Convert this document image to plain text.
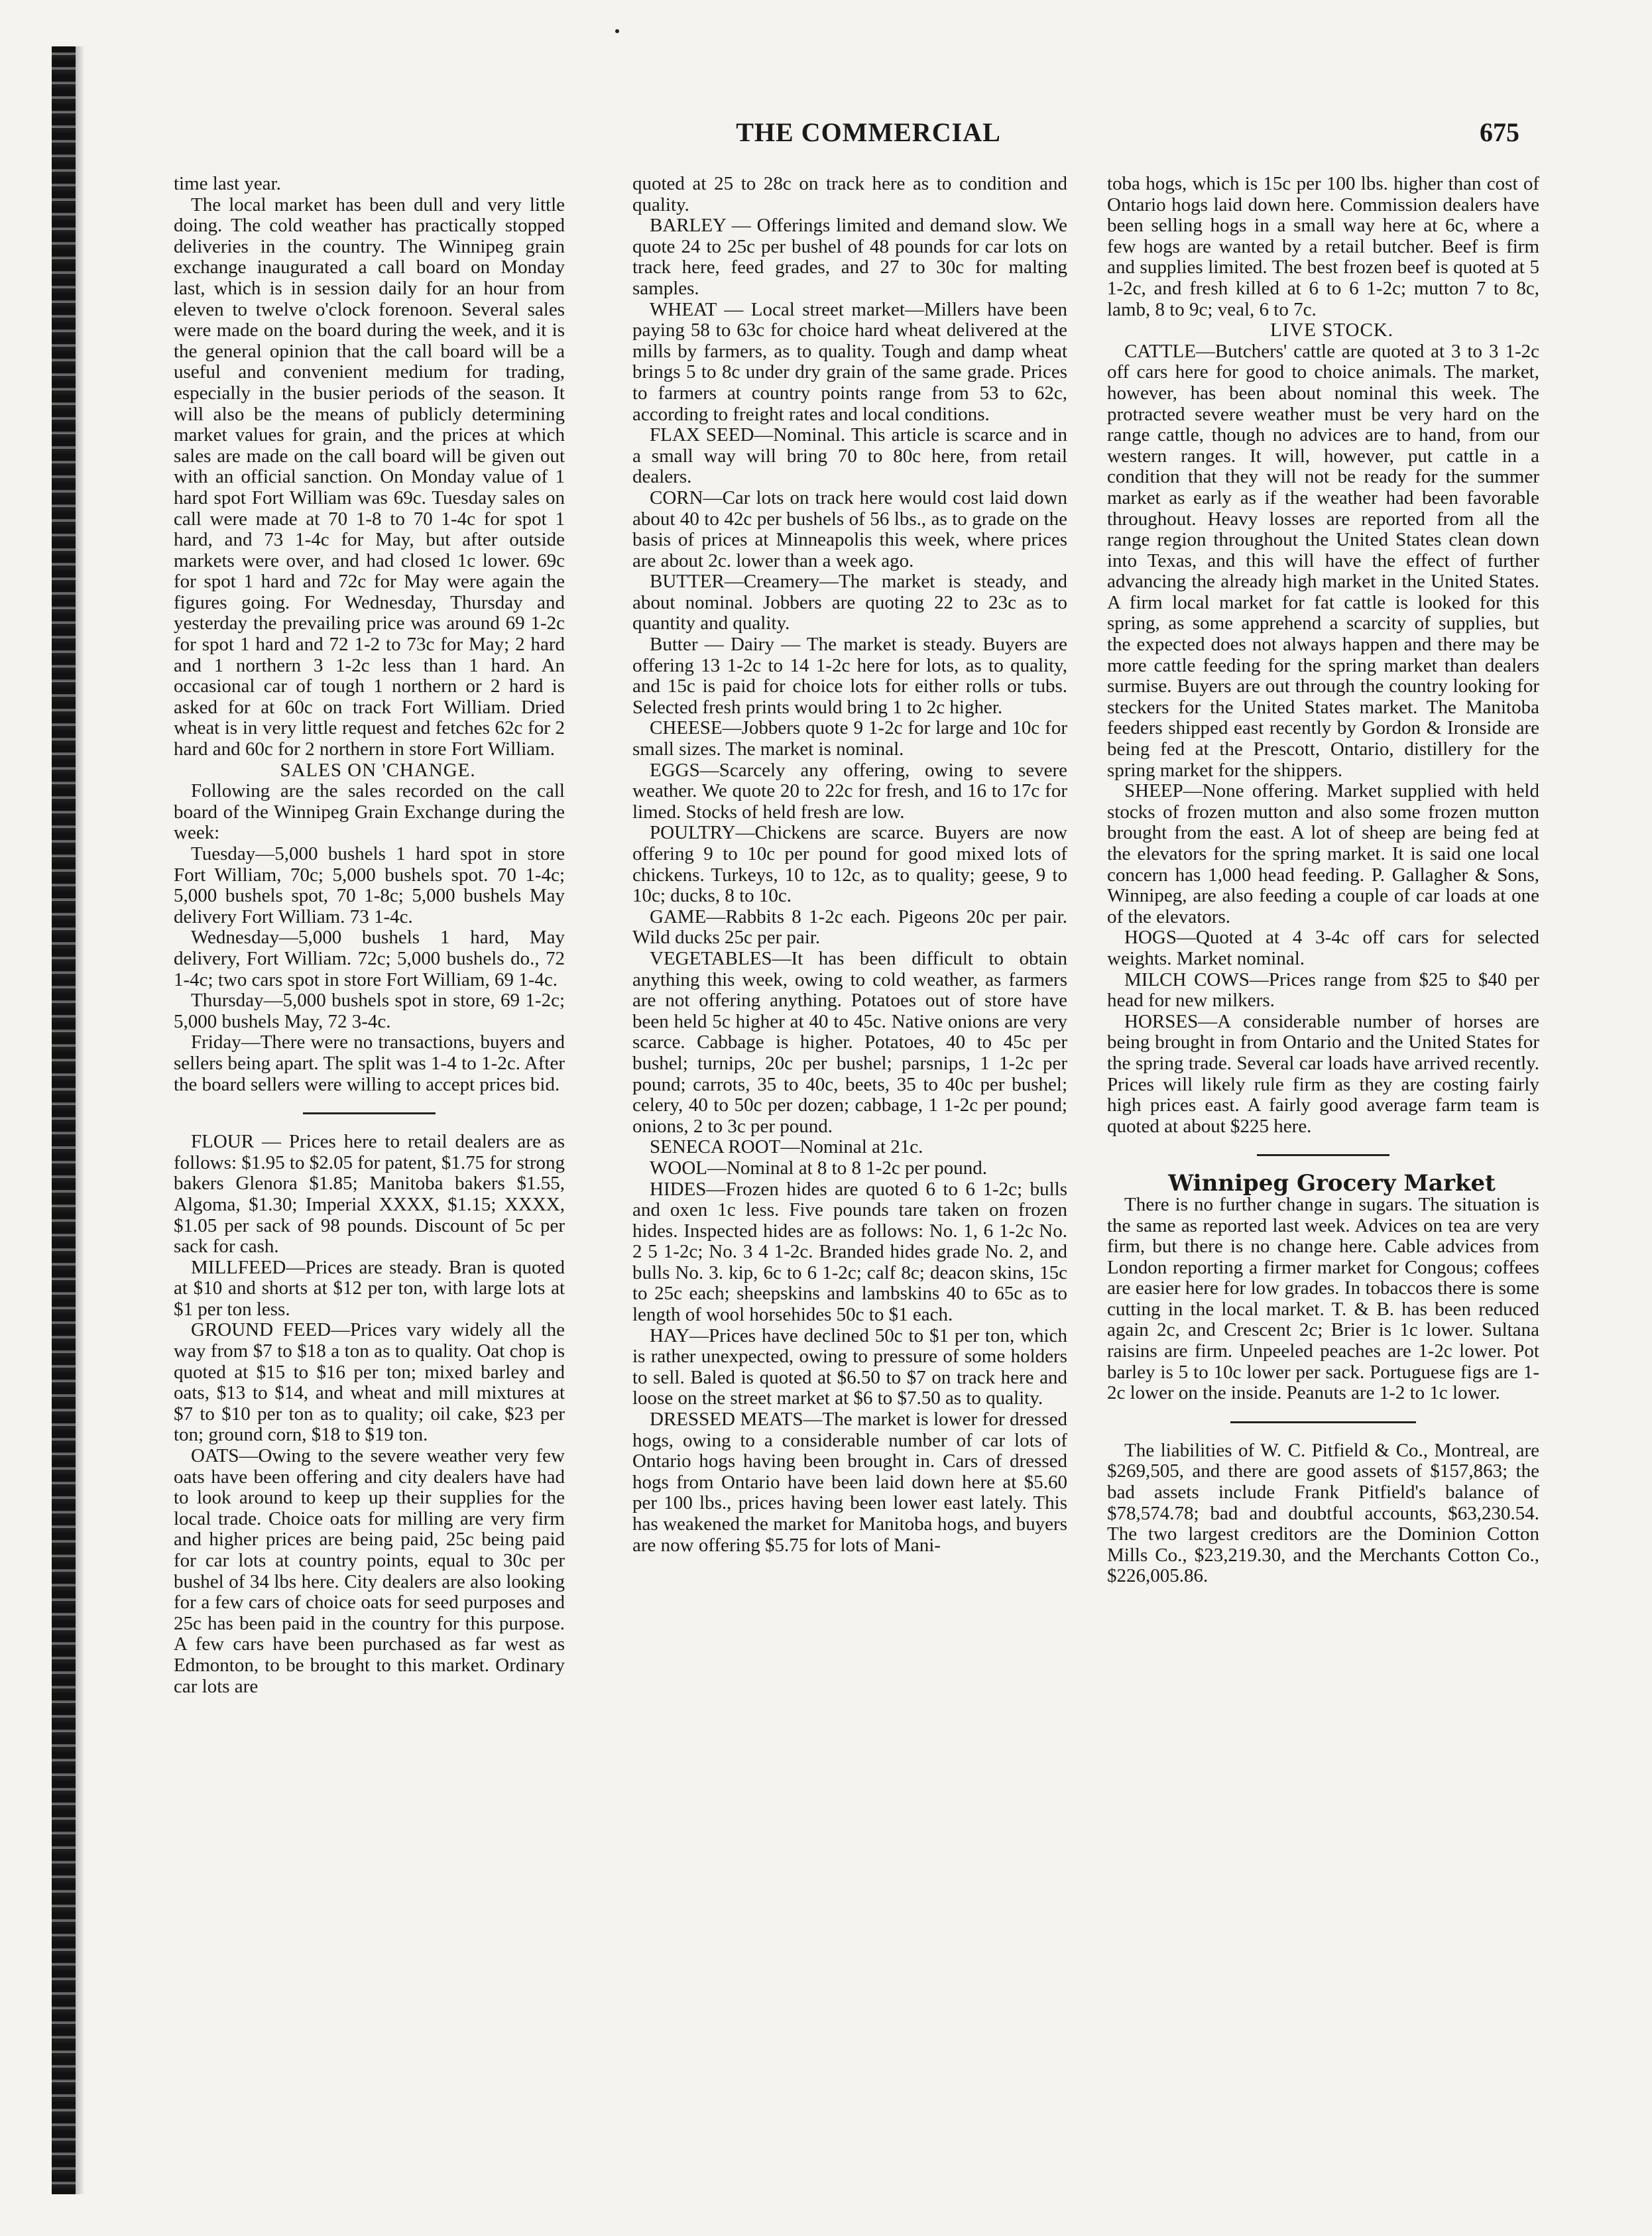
THE COMMERCIAL	675

time last year.

The local market has been dull and very little doing. The cold weather has practically stopped deliveries in the country. The Winnipeg grain exchange inaugurated a call board on Monday last, which is in session daily for an hour from eleven to twelve o'clock forenoon. Several sales were made on the board during the week, and it is the general opinion that the call board will be a useful and convenient medium for trading, especially in the busier periods of the season. It will also be the means of publicly determining market values for grain, and the prices at which sales are made on the call board will be given out with an official sanction. On Monday value of 1 hard spot Fort William was 69c. Tuesday sales on call were made at 70 1-8 to 70 1-4c for spot 1 hard, and 73 1-4c for May, but after outside markets were over, and had closed 1c lower. 69c for spot 1 hard and 72c for May were again the figures going. For Wednesday, Thursday and yesterday the prevailing price was around 69 1-2c for spot 1 hard and 72 1-2 to 73c for May; 2 hard and 1 northern 3 1-2c less than 1 hard. An occasional car of tough 1 northern or 2 hard is asked for at 60c on track Fort William. Dried wheat is in very little request and fetches 62c for 2 hard and 60c for 2 northern in store Fort William.

SALES ON 'CHANGE.

Following are the sales recorded on the call board of the Winnipeg Grain Exchange during the week:

Tuesday—5,000 bushels 1 hard spot in store Fort William, 70c; 5,000 bushels spot. 70 1-4c; 5,000 bushels spot, 70 1-8c; 5,000 bushels May delivery Fort William. 73 1-4c.

Wednesday—5,000 bushels 1 hard, May delivery, Fort William. 72c; 5,000 bushels do., 72 1-4c; two cars spot in store Fort William, 69 1-4c.

Thursday—5,000 bushels spot in store, 69 1-2c; 5,000 bushels May, 72 3-4c.

Friday—There were no transactions, buyers and sellers being apart. The split was 1-4 to 1-2c. After the board sellers were willing to accept prices bid.

FLOUR — Prices here to retail dealers are as follows: $1.95 to $2.05 for patent, $1.75 for strong bakers Glenora $1.85; Manitoba bakers $1.55, Algoma, $1.30; Imperial XXXX, $1.15; XXXX, $1.05 per sack of 98 pounds. Discount of 5c per sack for cash.

MILLFEED—Prices are steady. Bran is quoted at $10 and shorts at $12 per ton, with large lots at $1 per ton less.

GROUND FEED—Prices vary widely all the way from $7 to $18 a ton as to quality. Oat chop is quoted at $15 to $16 per ton; mixed barley and oats, $13 to $14, and wheat and mill mixtures at $7 to $10 per ton as to quality; oil cake, $23 per ton; ground corn, $18 to $19 ton.

OATS—Owing to the severe weather very few oats have been offering and city dealers have had to look around to keep up their supplies for the local trade. Choice oats for milling are very firm and higher prices are being paid, 25c being paid for car lots at country points, equal to 30c per bushel of 34 lbs here. City dealers are also looking for a few cars of choice oats for seed purposes and 25c has been paid in the country for this purpose. A few cars have been purchased as far west as Edmonton, to be brought to this market. Ordinary car lots are

quoted at 25 to 28c on track here as to condition and quality.

BARLEY — Offerings limited and demand slow. We quote 24 to 25c per bushel of 48 pounds for car lots on track here, feed grades, and 27 to 30c for malting samples.

WHEAT — Local street market—Millers have been paying 58 to 63c for choice hard wheat delivered at the mills by farmers, as to quality. Tough and damp wheat brings 5 to 8c under dry grain of the same grade. Prices to farmers at country points range from 53 to 62c, according to freight rates and local conditions.

FLAX SEED—Nominal. This article is scarce and in a small way will bring 70 to 80c here, from retail dealers.

CORN—Car lots on track here would cost laid down about 40 to 42c per bushels of 56 lbs., as to grade on the basis of prices at Minneapolis this week, where prices are about 2c. lower than a week ago.

BUTTER—Creamery—The market is steady, and about nominal. Jobbers are quoting 22 to 23c as to quantity and quality.

Butter — Dairy — The market is steady. Buyers are offering 13 1-2c to 14 1-2c here for lots, as to quality, and 15c is paid for choice lots for either rolls or tubs. Selected fresh prints would bring 1 to 2c higher.

CHEESE—Jobbers quote 9 1-2c for large and 10c for small sizes. The market is nominal.

EGGS—Scarcely any offering, owing to severe weather. We quote 20 to 22c for fresh, and 16 to 17c for limed. Stocks of held fresh are low.

POULTRY—Chickens are scarce. Buyers are now offering 9 to 10c per pound for good mixed lots of chickens. Turkeys, 10 to 12c, as to quality; geese, 9 to 10c; ducks, 8 to 10c.

GAME—Rabbits 8 1-2c each. Pigeons 20c per pair. Wild ducks 25c per pair.

VEGETABLES—It has been difficult to obtain anything this week, owing to cold weather, as farmers are not offering anything. Potatoes out of store have been held 5c higher at 40 to 45c. Native onions are very scarce. Cabbage is higher. Potatoes, 40 to 45c per bushel; turnips, 20c per bushel; parsnips, 1 1-2c per pound; carrots, 35 to 40c, beets, 35 to 40c per bushel; celery, 40 to 50c per dozen; cabbage, 1 1-2c per pound; onions, 2 to 3c per pound.

SENECA ROOT—Nominal at 21c.

WOOL—Nominal at 8 to 8 1-2c per pound.

HIDES—Frozen hides are quoted 6 to 6 1-2c; bulls and oxen 1c less. Five pounds tare taken on frozen hides. Inspected hides are as follows: No. 1, 6 1-2c No. 2 5 1-2c; No. 3 4 1-2c. Branded hides grade No. 2, and bulls No. 3. kip, 6c to 6 1-2c; calf 8c; deacon skins, 15c to 25c each; sheepskins and lambskins 40 to 65c as to length of wool horsehides 50c to $1 each.

HAY—Prices have declined 50c to $1 per ton, which is rather unexpected, owing to pressure of some holders to sell. Baled is quoted at $6.50 to $7 on track here and loose on the street market at $6 to $7.50 as to quality.

DRESSED MEATS—The market is lower for dressed hogs, owing to a considerable number of car lots of Ontario hogs having been brought in. Cars of dressed hogs from Ontario have been laid down here at $5.60 per 100 lbs., prices having been lower east lately. This has weakened the market for Manitoba hogs, and buyers are now offering $5.75 for lots of Mani-

toba hogs, which is 15c per 100 lbs. higher than cost of Ontario hogs laid down here. Commission dealers have been selling hogs in a small way here at 6c, where a few hogs are wanted by a retail butcher. Beef is firm and supplies limited. The best frozen beef is quoted at 5 1-2c, and fresh killed at 6 to 6 1-2c; mutton 7 to 8c, lamb, 8 to 9c; veal, 6 to 7c.

LIVE STOCK.

CATTLE—Butchers' cattle are quoted at 3 to 3 1-2c off cars here for good to choice animals. The market, however, has been about nominal this week. The protracted severe weather must be very hard on the range cattle, though no advices are to hand, from our western ranges. It will, however, put cattle in a condition that they will not be ready for the summer market as early as if the weather had been favorable throughout. Heavy losses are reported from all the range region throughout the United States clean down into Texas, and this will have the effect of further advancing the already high market in the United States. A firm local market for fat cattle is looked for this spring, as some apprehend a scarcity of supplies, but the expected does not always happen and there may be more cattle feeding for the spring market than dealers surmise. Buyers are out through the country looking for steckers for the United States market. The Manitoba feeders shipped east recently by Gordon & Ironside are being fed at the Prescott, Ontario, distillery for the spring market for the shippers.

SHEEP—None offering. Market supplied with held stocks of frozen mutton and also some frozen mutton brought from the east. A lot of sheep are being fed at the elevators for the spring market. It is said one local concern has 1,000 head feeding. P. Gallagher & Sons, Winnipeg, are also feeding a couple of car loads at one of the elevators.

HOGS—Quoted at 4 3-4c off cars for selected weights. Market nominal.

MILCH COWS—Prices range from $25 to $40 per head for new milkers.

HORSES—A considerable number of horses are being brought in from Ontario and the United States for the spring trade. Several car loads have arrived recently. Prices will likely rule firm as they are costing fairly high prices east. A fairly good average farm team is quoted at about $225 here.

Winnipeg Grocery Market

There is no further change in sugars. The situation is the same as reported last week. Advices on tea are very firm, but there is no change here. Cable advices from London reporting a firmer market for Congous; coffees are easier here for low grades. In tobaccos there is some cutting in the local market. T. & B. has been reduced again 2c, and Crescent 2c; Brier is 1c lower. Sultana raisins are firm. Unpeeled peaches are 1-2c lower. Pot barley is 5 to 10c lower per sack. Portuguese figs are 1-2c lower on the inside. Peanuts are 1-2 to 1c lower.

The liabilities of W. C. Pitfield & Co., Montreal, are $269,505, and there are good assets of $157,863; the bad assets include Frank Pitfield's balance of $78,574.78; bad and doubtful accounts, $63,230.54. The two largest creditors are the Dominion Cotton Mills Co., $23,219.30, and the Merchants Cotton Co., $226,005.86.
